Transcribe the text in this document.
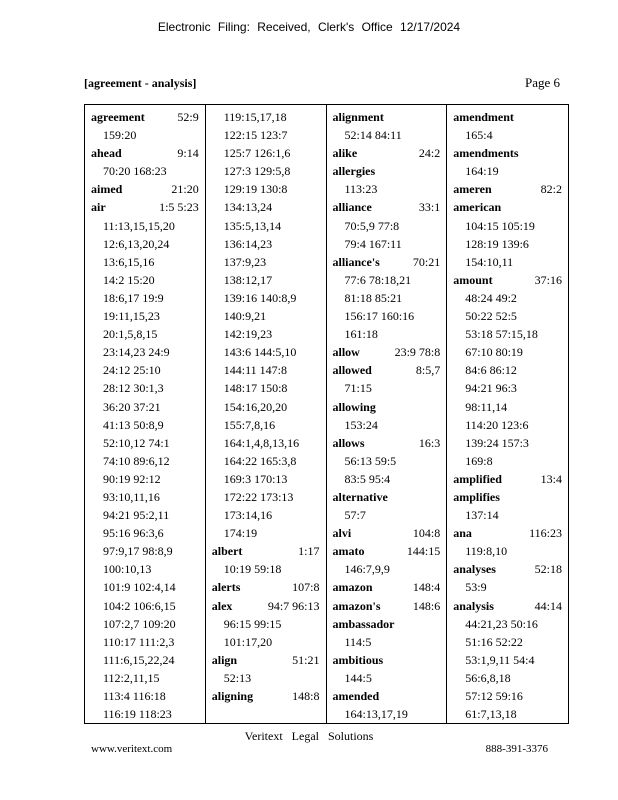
Electronic Filing: Received, Clerk's Office 12/17/2024
[agreement - analysis]	Page 6
agreement	52:9
159:20
ahead	9:14
70:20 168:23
aimed	21:20
air	1:5 5:23
11:13,15,15,20
12:6,13,20,24
13:6,15,16
14:2 15:20
18:6,17 19:9
19:11,15,23
20:1,5,8,15
23:14,23 24:9
24:12 25:10
28:12 30:1,3
36:20 37:21
41:13 50:8,9
52:10,12 74:1
74:10 89:6,12
90:19 92:12
93:10,11,16
94:21 95:2,11
95:16 96:3,6
97:9,17 98:8,9
100:10,13
101:9 102:4,14
104:2 106:6,15
107:2,7 109:20
110:17 111:2,3
111:6,15,22,24
112:2,11,15
113:4 116:18
116:19 118:23
119:15,17,18
122:15 123:7
125:7 126:1,6
127:3 129:5,8
129:19 130:8
134:13,24
135:5,13,14
136:14,23
137:9,23
138:12,17
139:16 140:8,9
140:9,21
142:19,23
143:6 144:5,10
144:11 147:8
148:17 150:8
154:16,20,20
155:7,8,16
164:1,4,8,13,16
164:22 165:3,8
169:3 170:13
172:22 173:13
173:14,16
174:19
albert	1:17
10:19 59:18
alerts	107:8
alex	94:7 96:13
96:15 99:15
101:17,20
align	51:21
52:13
aligning	148:8
alignment
52:14 84:11
alike	24:2
allergies
113:23
alliance	33:1
70:5,9 77:8
79:4 167:11
alliance's	70:21
77:6 78:18,21
81:18 85:21
156:17 160:16
161:18
allow	23:9 78:8
allowed	8:5,7
71:15
allowing
153:24
allows	16:3
56:13 59:5
83:5 95:4
alternative
57:7
alvi	104:8
amato	144:15
146:7,9,9
amazon	148:4
amazon's	148:6
ambassador
114:5
ambitious
144:5
amended
164:13,17,19
amendment
165:4
amendments
164:19
ameren	82:2
american
104:15 105:19
128:19 139:6
154:10,11
amount	37:16
48:24 49:2
50:22 52:5
53:18 57:15,18
67:10 80:19
84:6 86:12
94:21 96:3
98:11,14
114:20 123:6
139:24 157:3
169:8
amplified	13:4
amplifies
137:14
ana	116:23
119:8,10
analyses	52:18
53:9
analysis	44:14
44:21,23 50:16
51:16 52:22
53:1,9,11 54:4
56:6,8,18
57:12 59:16
61:7,13,18
Veritext Legal Solutions
www.veritext.com	888-391-3376
